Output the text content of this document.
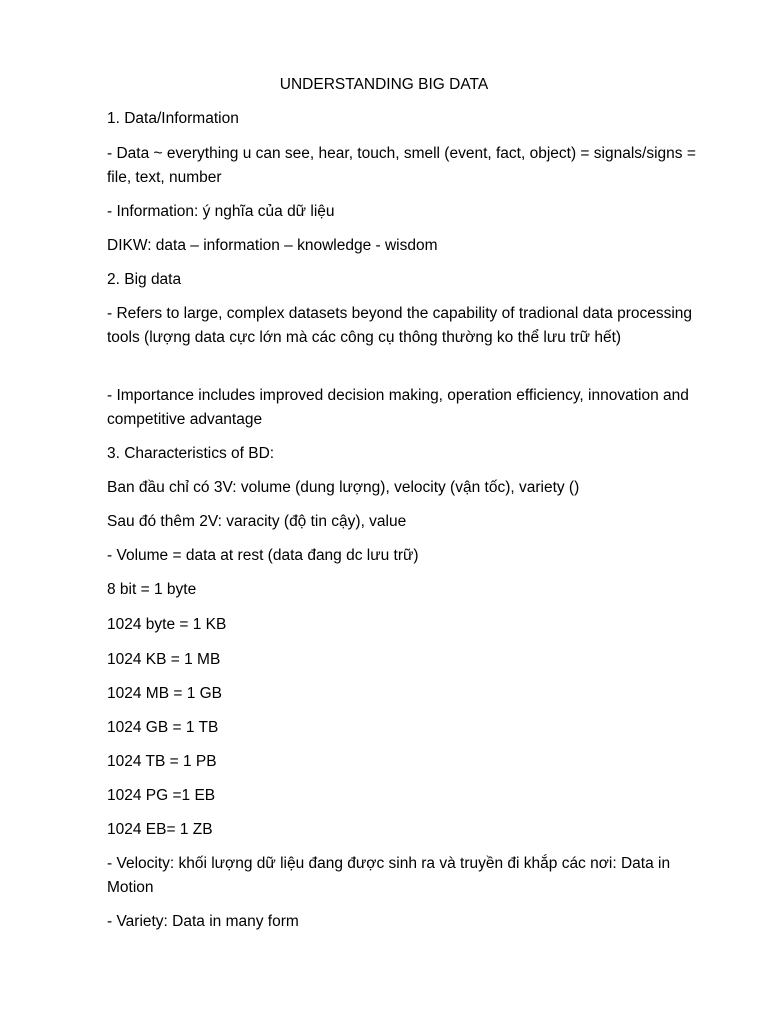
UNDERSTANDING BIG DATA

1. Data/Information

- Data ~ everything u can see, hear, touch, smell (event, fact, object) = signals/signs = file, text, number

- Information: ý nghĩa của dữ liệu

DIKW: data – information – knowledge - wisdom

2. Big data

- Refers to large, complex datasets beyond the capability of tradional data processing tools (lượng data cực lớn mà các công cụ thông thường ko thể lưu trữ hết)

- Importance includes improved decision making, operation efficiency, innovation and competitive advantage

3. Characteristics of BD:

Ban đầu chỉ có 3V: volume (dung lượng), velocity (vận tốc), variety ()

Sau đó thêm 2V: varacity (độ tin cậy), value

- Volume = data at rest (data đang dc lưu trữ)

8 bit = 1 byte

1024 byte = 1 KB

1024 KB = 1 MB

1024 MB = 1 GB

1024 GB = 1 TB

1024 TB = 1 PB

1024 PG =1 EB

1024 EB= 1 ZB

- Velocity: khối lượng dữ liệu đang được sinh ra và truyền đi khắp các nơi: Data in Motion

- Variety: Data in many form
